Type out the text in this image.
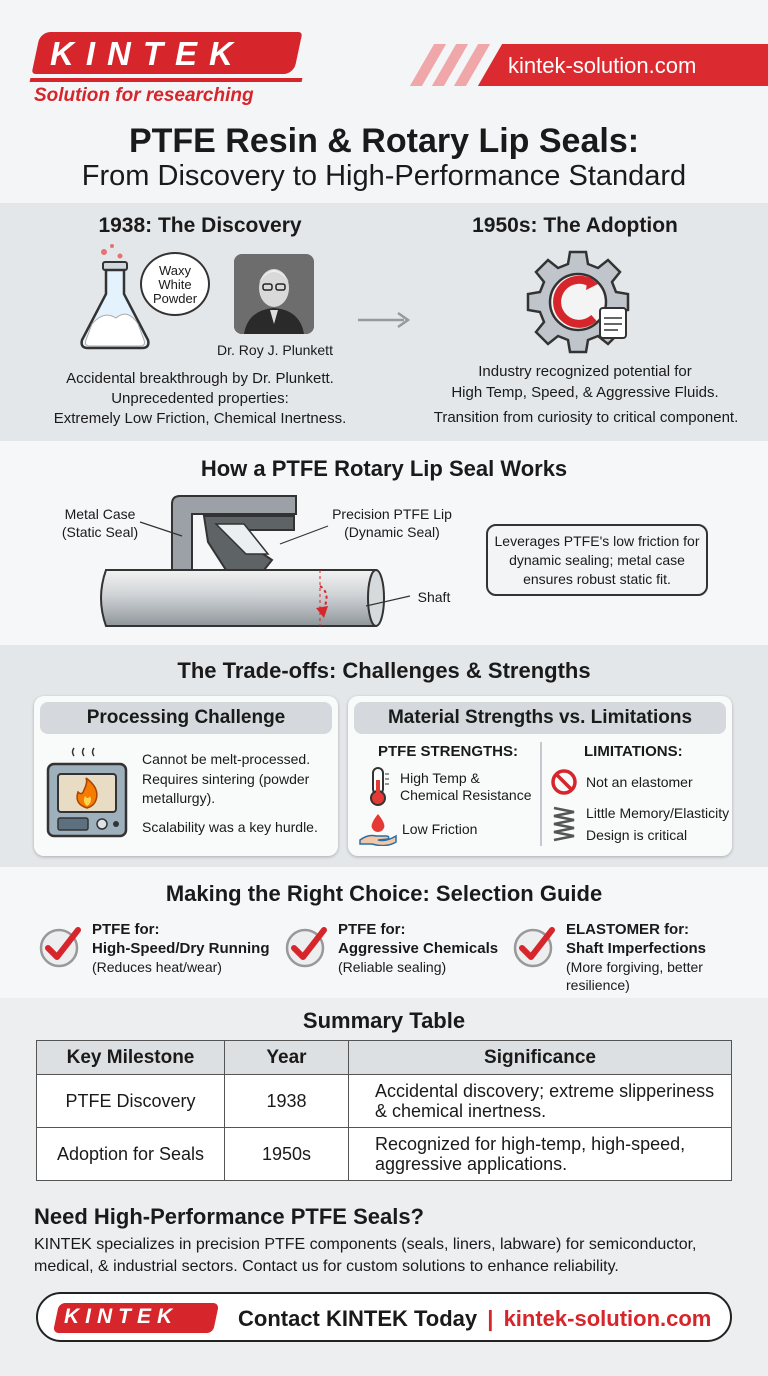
KINTEK
Solution for researching
kintek-solution.com
PTFE Resin & Rotary Lip Seals:
From Discovery to High-Performance Standard
1938: The Discovery	1950s: The Adoption
Waxy White Powder
Dr. Roy J. Plunkett
Accidental breakthrough by Dr. Plunkett.
Unprecedented properties:
Extremely Low Friction, Chemical Inertness.
Industry recognized potential for
High Temp, Speed, & Aggressive Fluids.
Transition from curiosity to critical component.
How a PTFE Rotary Lip Seal Works
Metal Case
(Static Seal)
Precision PTFE Lip
(Dynamic Seal)
Shaft
Leverages PTFE's low friction for dynamic sealing; metal case ensures robust static fit.
The Trade-offs: Challenges & Strengths
Processing Challenge
Cannot be melt-processed.
Requires sintering (powder metallurgy).
Scalability was a key hurdle.
Material Strengths vs. Limitations
PTFE STRENGTHS:
High Temp & Chemical Resistance
Low Friction
LIMITATIONS:
Not an elastomer
Little Memory/Elasticity
Design is critical
Making the Right Choice: Selection Guide
PTFE for:
High-Speed/Dry Running
(Reduces heat/wear)
PTFE for:
Aggressive Chemicals
(Reliable sealing)
ELASTOMER for:
Shaft Imperfections
(More forgiving, better resilience)
Summary Table
Key Milestone	Year	Significance
PTFE Discovery	1938	Accidental discovery; extreme slipperiness & chemical inertness.
Adoption for Seals	1950s	Recognized for high-temp, high-speed, aggressive applications.
Need High-Performance PTFE Seals?
KINTEK specializes in precision PTFE components (seals, liners, labware) for semiconductor, medical, & industrial sectors. Contact us for custom solutions to enhance reliability.
KINTEK	Contact KINTEK Today | kintek-solution.com
